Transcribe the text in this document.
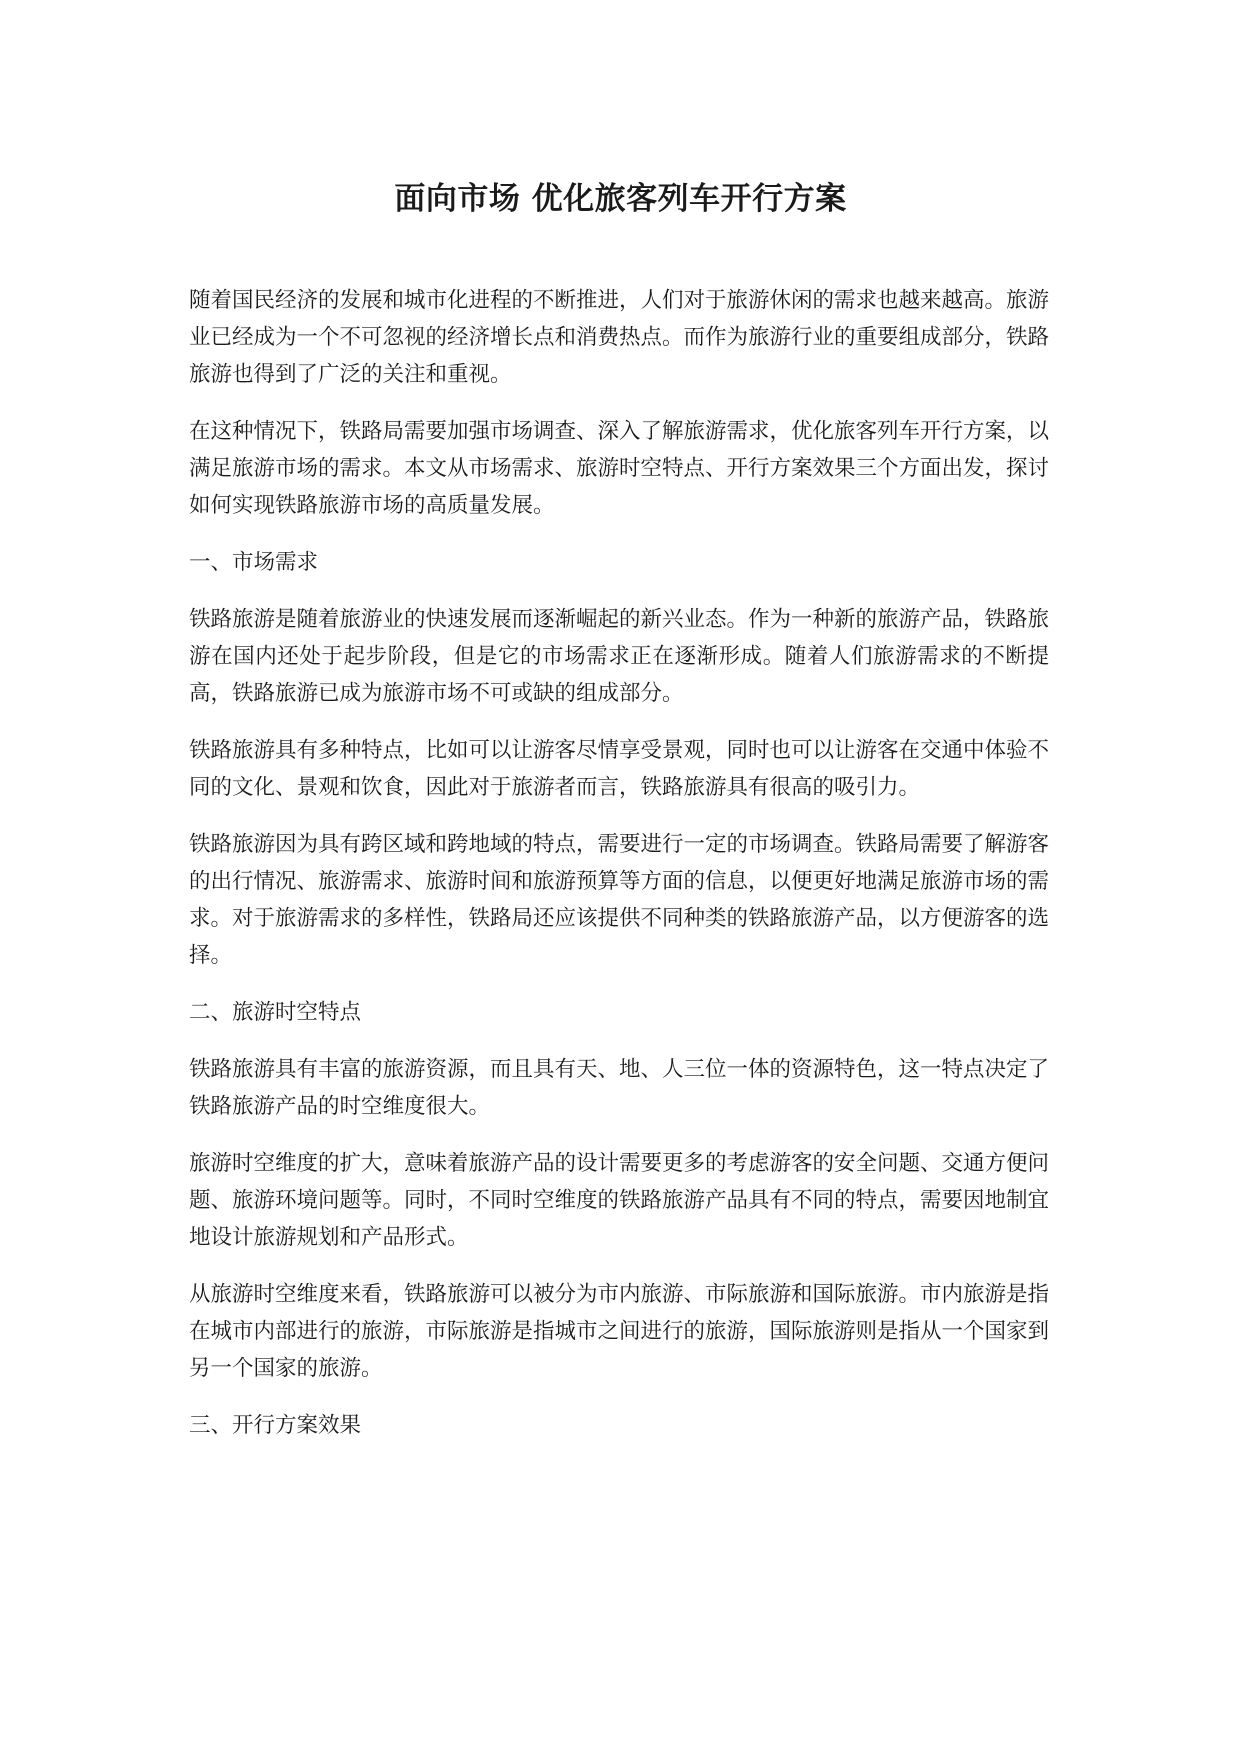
面向市场 优化旅客列车开行方案

随着国民经济的发展和城市化进程的不断推进，人们对于旅游休闲的需求也越来越高。旅游业已经成为一个不可忽视的经济增长点和消费热点。而作为旅游行业的重要组成部分，铁路旅游也得到了广泛的关注和重视。

在这种情况下，铁路局需要加强市场调查、深入了解旅游需求，优化旅客列车开行方案，以满足旅游市场的需求。本文从市场需求、旅游时空特点、开行方案效果三个方面出发，探讨如何实现铁路旅游市场的高质量发展。

一、市场需求

铁路旅游是随着旅游业的快速发展而逐渐崛起的新兴业态。作为一种新的旅游产品，铁路旅游在国内还处于起步阶段，但是它的市场需求正在逐渐形成。随着人们旅游需求的不断提高，铁路旅游已成为旅游市场不可或缺的组成部分。

铁路旅游具有多种特点，比如可以让游客尽情享受景观，同时也可以让游客在交通中体验不同的文化、景观和饮食，因此对于旅游者而言，铁路旅游具有很高的吸引力。

铁路旅游因为具有跨区域和跨地域的特点，需要进行一定的市场调查。铁路局需要了解游客的出行情况、旅游需求、旅游时间和旅游预算等方面的信息，以便更好地满足旅游市场的需求。对于旅游需求的多样性，铁路局还应该提供不同种类的铁路旅游产品，以方便游客的选择。

二、旅游时空特点

铁路旅游具有丰富的旅游资源，而且具有天、地、人三位一体的资源特色，这一特点决定了铁路旅游产品的时空维度很大。

旅游时空维度的扩大，意味着旅游产品的设计需要更多的考虑游客的安全问题、交通方便问题、旅游环境问题等。同时，不同时空维度的铁路旅游产品具有不同的特点，需要因地制宜地设计旅游规划和产品形式。

从旅游时空维度来看，铁路旅游可以被分为市内旅游、市际旅游和国际旅游。市内旅游是指在城市内部进行的旅游，市际旅游是指城市之间进行的旅游，国际旅游则是指从一个国家到另一个国家的旅游。

三、开行方案效果
